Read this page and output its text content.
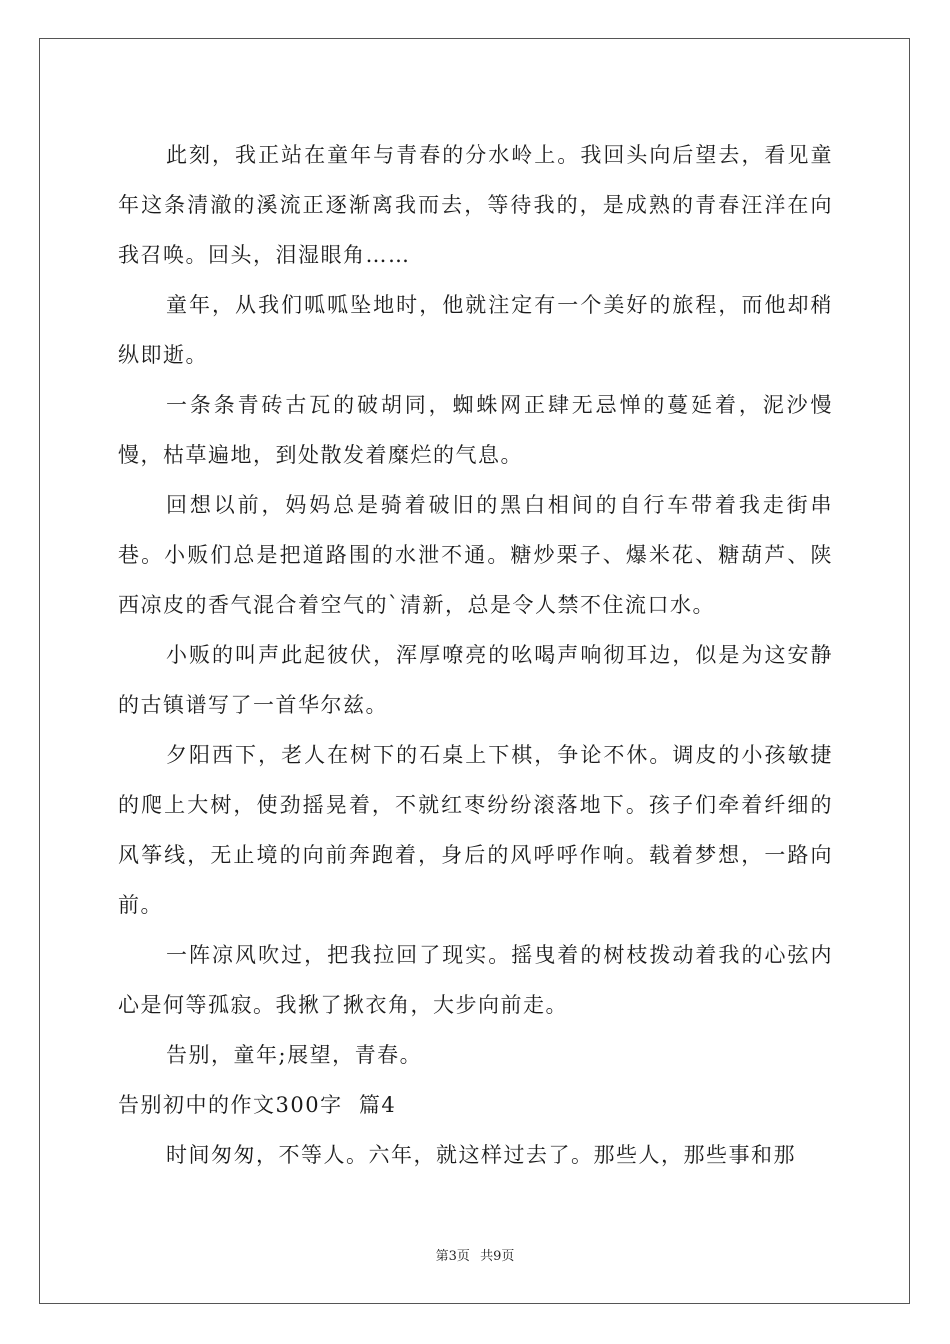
此刻，我正站在童年与青春的分水岭上。我回头向后望去，看见童年这条清澈的溪流正逐渐离我而去，等待我的，是成熟的青春汪洋在向我召唤。回头，泪湿眼角……

童年，从我们呱呱坠地时，他就注定有一个美好的旅程，而他却稍纵即逝。

一条条青砖古瓦的破胡同，蜘蛛网正肆无忌惮的蔓延着，泥沙慢慢，枯草遍地，到处散发着糜烂的气息。

回想以前，妈妈总是骑着破旧的黑白相间的自行车带着我走街串巷。小贩们总是把道路围的水泄不通。糖炒栗子、爆米花、糖葫芦、陕西凉皮的香气混合着空气的`清新，总是令人禁不住流口水。

小贩的叫声此起彼伏，浑厚嘹亮的吆喝声响彻耳边，似是为这安静的古镇谱写了一首华尔兹。

夕阳西下，老人在树下的石桌上下棋，争论不休。调皮的小孩敏捷的爬上大树，使劲摇晃着，不就红枣纷纷滚落地下。孩子们牵着纤细的风筝线，无止境的向前奔跑着，身后的风呼呼作响。载着梦想，一路向前。

一阵凉风吹过，把我拉回了现实。摇曳着的树枝拨动着我的心弦内心是何等孤寂。我揪了揪衣角，大步向前走。

告别，童年;展望，青春。

告别初中的作文300字  篇4

时间匆匆，不等人。六年，就这样过去了。那些人，那些事和那

第3页 共9页
